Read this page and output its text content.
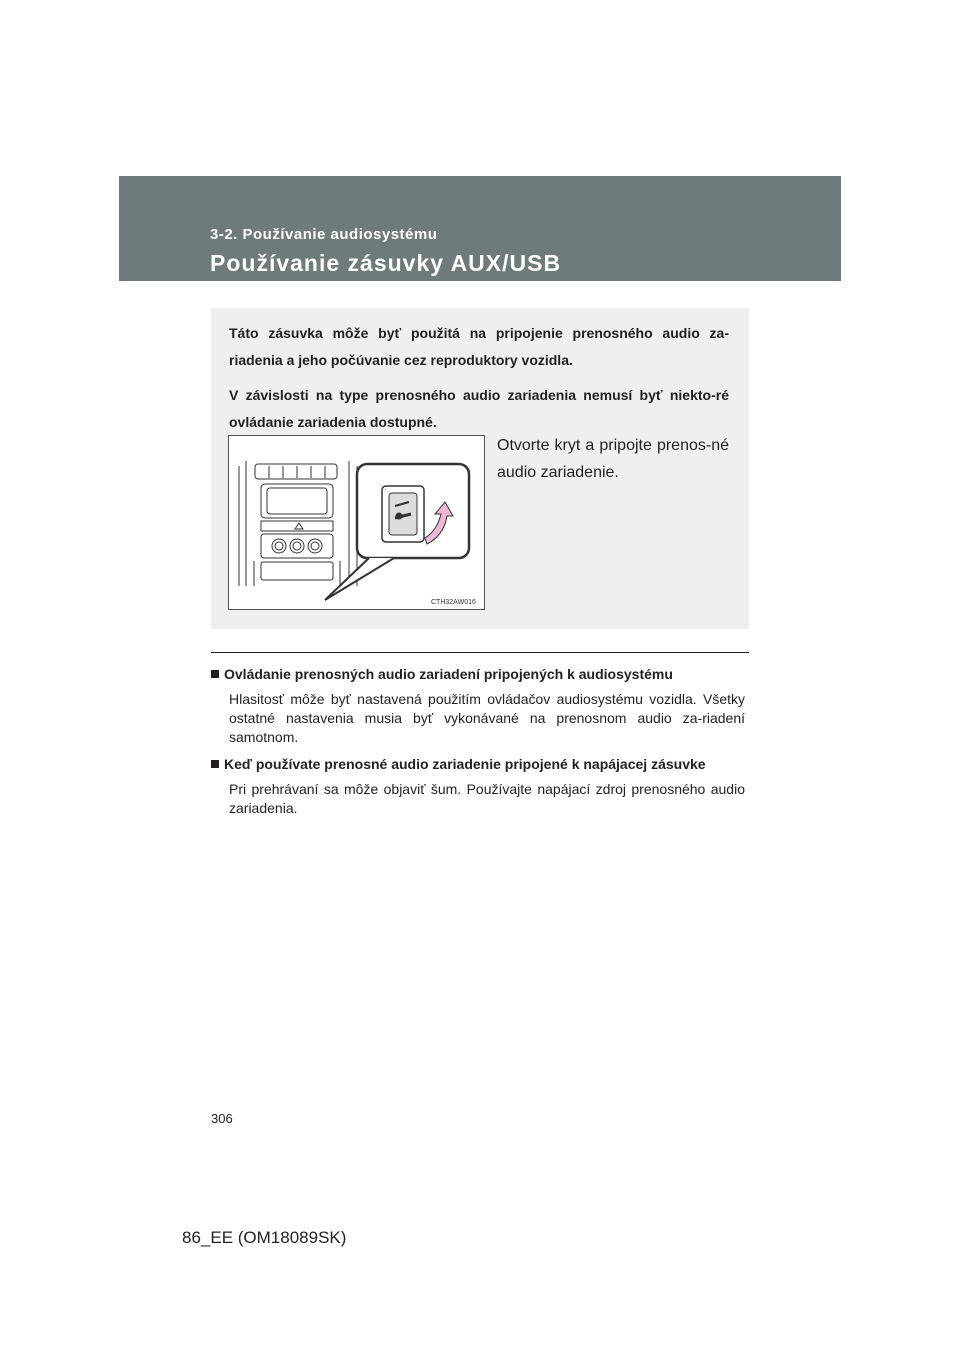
3-2. Používanie audiosystému
Používanie zásuvky AUX/USB

Táto zásuvka môže byť použitá na pripojenie prenosného audio za-riadenia a jeho počúvanie cez reproduktory vozidla.

V závislosti na type prenosného audio zariadenia nemusí byť niekto-ré ovládanie zariadenia dostupné.

CTH32AW016

Otvorte kryt a pripojte prenos-né audio zariadenie.

Ovládanie prenosných audio zariadení pripojených k audiosystému

Hlasitosť môže byť nastavená použitím ovládačov audiosystému vozidla. Všetky ostatné nastavenia musia byť vykonávané na prenosnom audio za-riadení samotnom.

Keď používate prenosné audio zariadenie pripojené k napájacej zásuvke

Pri prehrávaní sa môže objaviť šum. Používajte napájací zdroj prenosného audio zariadenia.

306
86_EE (OM18089SK)
